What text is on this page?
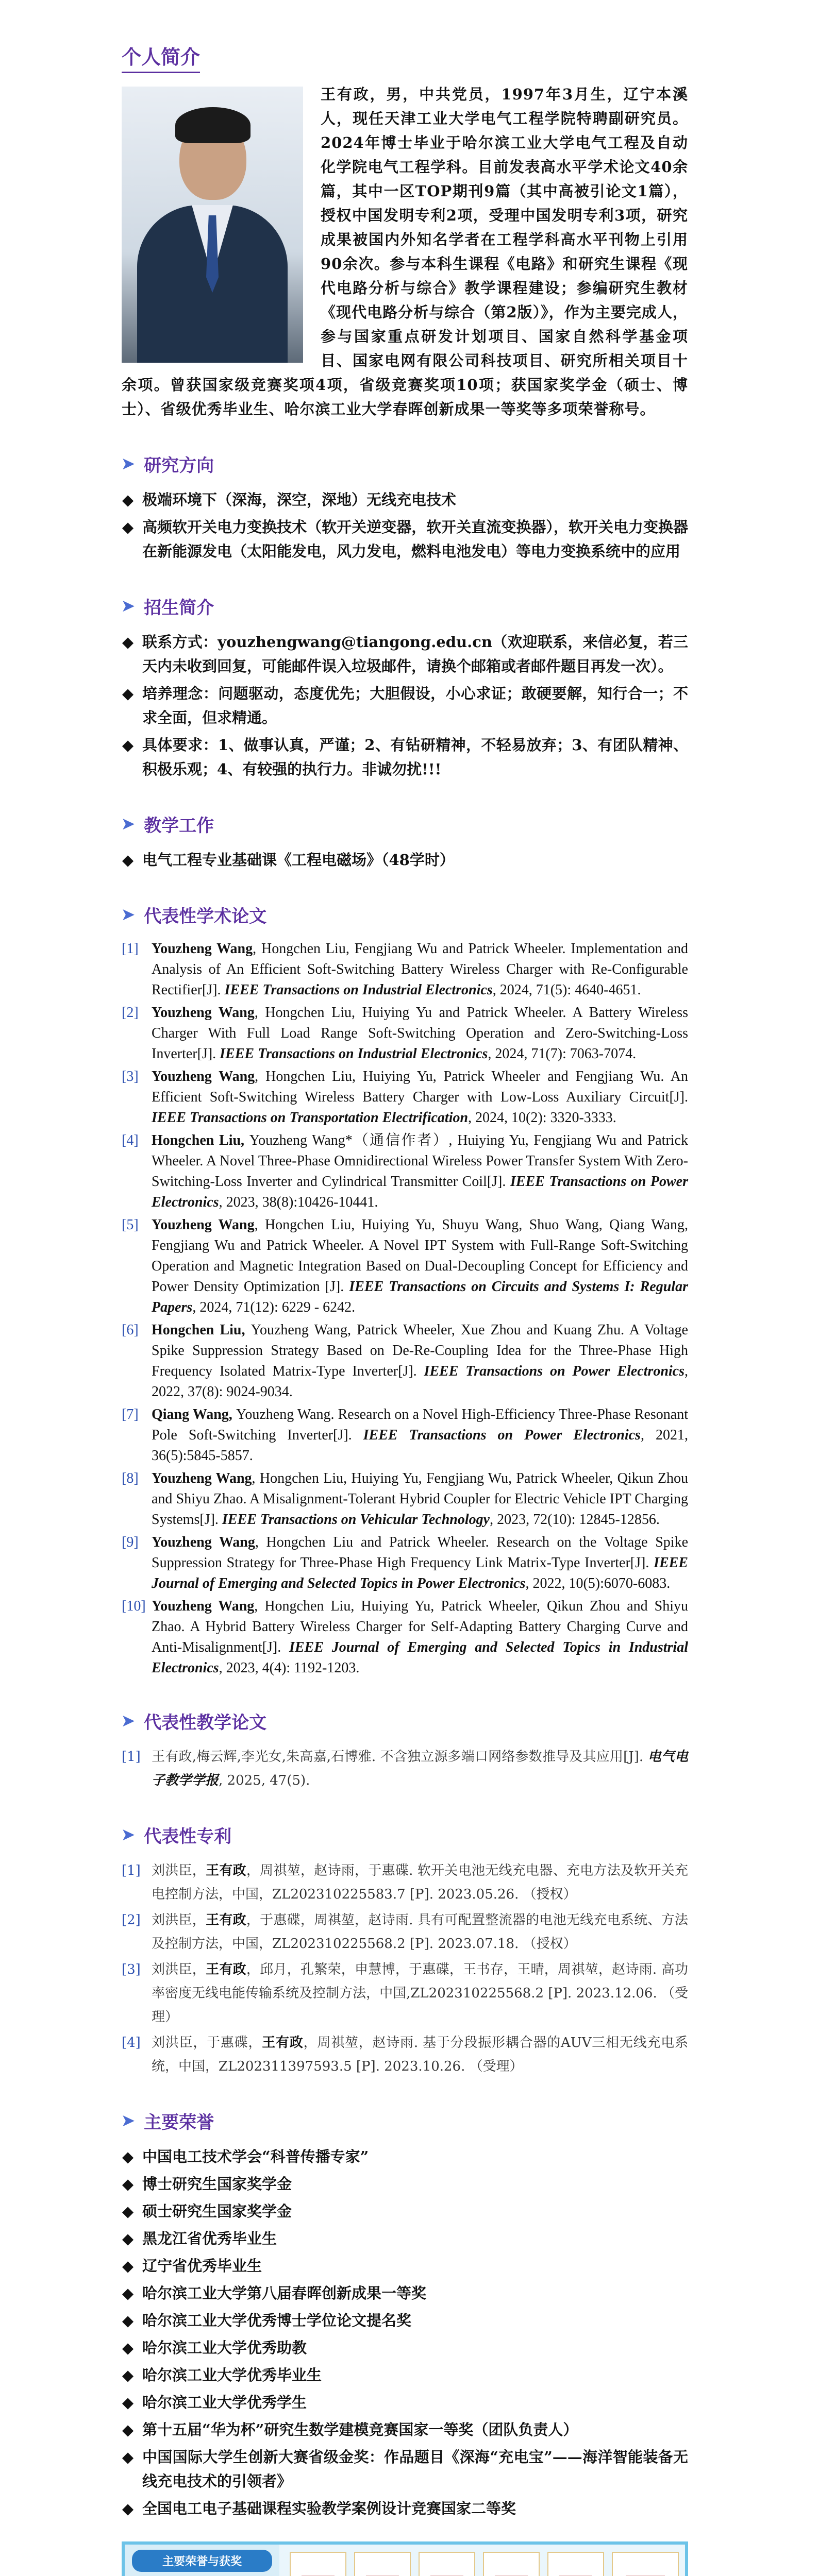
个人简介
王有政，男，中共党员，1997年3月生，辽宁本溪人，现任天津工业大学电气工程学院特聘副研究员。2024年博士毕业于哈尔滨工业大学电气工程及自动化学院电气工程学科。目前发表高水平学术论文40余篇，其中一区TOP期刊9篇（其中高被引论文1篇），授权中国发明专利2项，受理中国发明专利3项，研究成果被国内外知名学者在工程学科高水平刊物上引用90余次。参与本科生课程《电路》和研究生课程《现代电路分析与综合》教学课程建设；参编研究生教材《现代电路分析与综合（第2版）》，作为主要完成人，参与国家重点研发计划项目、国家自然科学基金项目、国家电网有限公司科技项目、研究所相关项目十余项。曾获国家级竞赛奖项4项，省级竞赛奖项10项；获国家奖学金（硕士、博士）、省级优秀毕业生、哈尔滨工业大学春晖创新成果一等奖等多项荣誉称号。
➤ 研究方向
◆ 极端环境下（深海，深空，深地）无线充电技术
◆ 高频软开关电力变换技术（软开关逆变器，软开关直流变换器），软开关电力变换器在新能源发电（太阳能发电，风力发电，燃料电池发电）等电力变换系统中的应用
➤ 招生简介
◆ 联系方式：youzhengwang@tiangong.edu.cn（欢迎联系，来信必复，若三天内未收到回复，可能邮件误入垃圾邮件，请换个邮箱或者邮件题目再发一次）。
◆ 培养理念：问题驱动，态度优先；大胆假设，小心求证；敢硬要解，知行合一；不求全面，但求精通。
◆ 具体要求：1、做事认真，严谨；2、有钻研精神，不轻易放弃；3、有团队精神、积极乐观；4、有较强的执行力。非诚勿扰!!!
➤ 教学工作
◆ 电气工程专业基础课《工程电磁场》（48学时）
➤ 代表性学术论文
[1] Youzheng Wang, Hongchen Liu, Fengjiang Wu and Patrick Wheeler. Implementation and Analysis of An Efficient Soft-Switching Battery Wireless Charger with Re-Configurable Rectifier[J]. IEEE Transactions on Industrial Electronics, 2024, 71(5): 4640-4651.
[2] Youzheng Wang, Hongchen Liu, Huiying Yu and Patrick Wheeler. A Battery Wireless Charger With Full Load Range Soft-Switching Operation and Zero-Switching-Loss Inverter[J]. IEEE Transactions on Industrial Electronics, 2024, 71(7): 7063-7074.
[3] Youzheng Wang, Hongchen Liu, Huiying Yu, Patrick Wheeler and Fengjiang Wu. An Efficient Soft-Switching Wireless Battery Charger with Low-Loss Auxiliary Circuit[J]. IEEE Transactions on Transportation Electrification, 2024, 10(2): 3320-3333.
[4] Hongchen Liu, Youzheng Wang*（通信作者）, Huiying Yu, Fengjiang Wu and Patrick Wheeler. A Novel Three-Phase Omnidirectional Wireless Power Transfer System With Zero-Switching-Loss Inverter and Cylindrical Transmitter Coil[J]. IEEE Transactions on Power Electronics, 2023, 38(8):10426-10441.
[5] Youzheng Wang, Hongchen Liu, Huiying Yu, Shuyu Wang, Shuo Wang, Qiang Wang, Fengjiang Wu and Patrick Wheeler. A Novel IPT System with Full-Range Soft-Switching Operation and Magnetic Integration Based on Dual-Decoupling Concept for Efficiency and Power Density Optimization [J]. IEEE Transactions on Circuits and Systems I: Regular Papers, 2024, 71(12): 6229 - 6242.
[6] Hongchen Liu, Youzheng Wang, Patrick Wheeler, Xue Zhou and Kuang Zhu. A Voltage Spike Suppression Strategy Based on De-Re-Coupling Idea for the Three-Phase High Frequency Isolated Matrix-Type Inverter[J]. IEEE Transactions on Power Electronics, 2022, 37(8): 9024-9034.
[7] Qiang Wang, Youzheng Wang. Research on a Novel High-Efficiency Three-Phase Resonant Pole Soft-Switching Inverter[J]. IEEE Transactions on Power Electronics, 2021, 36(5):5845-5857.
[8] Youzheng Wang, Hongchen Liu, Huiying Yu, Fengjiang Wu, Patrick Wheeler, Qikun Zhou and Shiyu Zhao. A Misalignment-Tolerant Hybrid Coupler for Electric Vehicle IPT Charging Systems[J]. IEEE Transactions on Vehicular Technology, 2023, 72(10): 12845-12856.
[9] Youzheng Wang, Hongchen Liu and Patrick Wheeler. Research on the Voltage Spike Suppression Strategy for Three-Phase High Frequency Link Matrix-Type Inverter[J]. IEEE Journal of Emerging and Selected Topics in Power Electronics, 2022, 10(5):6070-6083.
[10] Youzheng Wang, Hongchen Liu, Huiying Yu, Patrick Wheeler, Qikun Zhou and Shiyu Zhao. A Hybrid Battery Wireless Charger for Self-Adapting Battery Charging Curve and Anti-Misalignment[J]. IEEE Journal of Emerging and Selected Topics in Industrial Electronics, 2023, 4(4): 1192-1203.
➤ 代表性教学论文
[1] 王有政,梅云辉,李光女,朱高嘉,石博雅. 不含独立源多端口网络参数推导及其应用[J]. 电气电子教学学报, 2025, 47(5).
➤ 代表性专利
[1] 刘洪臣，王有政，周祺堃，赵诗雨，于惠碟. 软开关电池无线充电器、充电方法及软开关充电控制方法，中国，ZL202310225583.7 [P]. 2023.05.26. （授权）
[2] 刘洪臣，王有政，于惠碟，周祺堃，赵诗雨. 具有可配置整流器的电池无线充电系统、方法及控制方法，中国，ZL202310225568.2 [P]. 2023.07.18. （授权）
[3] 刘洪臣，王有政，邱月，孔繁荣，申慧博，于惠碟，王书存，王晴，周祺堃，赵诗雨. 高功率密度无线电能传输系统及控制方法，中国,ZL202310225568.2 [P]. 2023.12.06. （受理）
[4] 刘洪臣，于惠碟，王有政，周祺堃，赵诗雨. 基于分段振形耦合器的AUV三相无线充电系统，中国，ZL202311397593.5 [P]. 2023.10.26. （受理）
➤ 主要荣誉
◆ 中国电工技术学会“科普传播专家”
◆ 博士研究生国家奖学金
◆ 硕士研究生国家奖学金
◆ 黑龙江省优秀毕业生
◆ 辽宁省优秀毕业生
◆ 哈尔滨工业大学第八届春晖创新成果一等奖
◆ 哈尔滨工业大学优秀博士学位论文提名奖
◆ 哈尔滨工业大学优秀助教
◆ 哈尔滨工业大学优秀毕业生
◆ 哈尔滨工业大学优秀学生
◆ 第十五届“华为杯”研究生数学建模竞赛国家一等奖（团队负责人）
◆ 中国国际大学生创新大赛省级金奖：作品题目《深海“充电宝”——海洋智能装备无线充电技术的引领者》
◆ 全国电工电子基础课程实验教学案例设计竞赛国家二等奖
主要荣誉与获奖
